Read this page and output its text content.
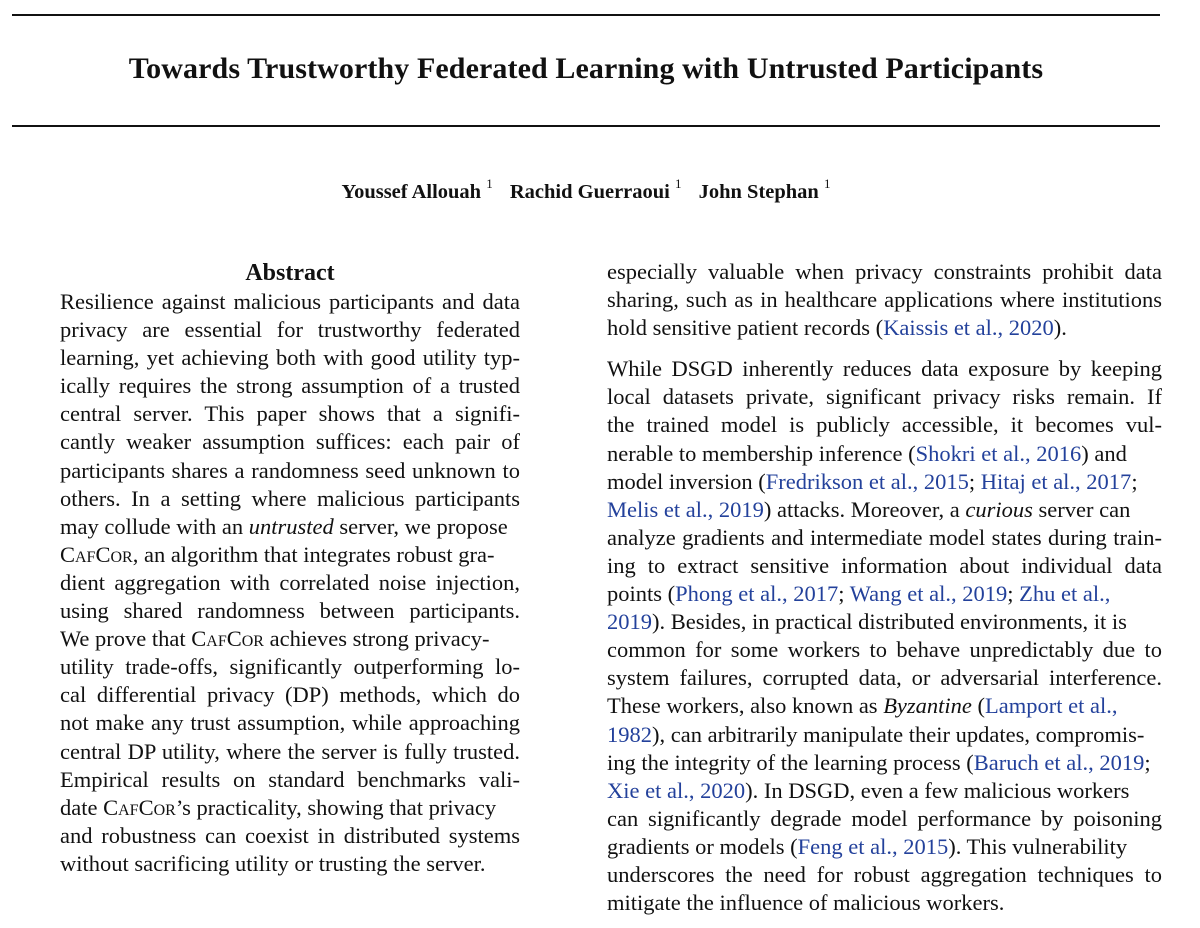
Towards Trustworthy Federated Learning with Untrusted Participants
Youssef Allouah $^1$ Rachid Guerraoui $^1$ John Stephan $^1$
Abstract

Resilience against malicious participants and data
privacy are essential for trustworthy federated
learning, yet achieving both with good utility typ-
ically requires the strong assumption of a trusted
central server. This paper shows that a signifi-
cantly weaker assumption suffices: each pair of
participants shares a randomness seed unknown to
others. In a setting where malicious participants
may collude with an untrusted server, we propose
CafCor, an algorithm that integrates robust gra-
dient aggregation with correlated noise injection,
using shared randomness between participants.
We prove that CafCor achieves strong privacy-
utility trade-offs, significantly outperforming lo-
cal differential privacy (DP) methods, which do
not make any trust assumption, while approaching
central DP utility, where the server is fully trusted.
Empirical results on standard benchmarks vali-
date CafCor’s practicality, showing that privacy
and robustness can coexist in distributed systems
without sacrificing utility or trusting the server.

especially valuable when privacy constraints prohibit data
sharing, such as in healthcare applications where institutions
hold sensitive patient records (Kaissis et al., 2020).

While DSGD inherently reduces data exposure by keeping
local datasets private, significant privacy risks remain. If
the trained model is publicly accessible, it becomes vul-
nerable to membership inference (Shokri et al., 2016) and
model inversion (Fredrikson et al., 2015; Hitaj et al., 2017;
Melis et al., 2019) attacks. Moreover, a curious server can
analyze gradients and intermediate model states during train-
ing to extract sensitive information about individual data
points (Phong et al., 2017; Wang et al., 2019; Zhu et al.,
2019). Besides, in practical distributed environments, it is
common for some workers to behave unpredictably due to
system failures, corrupted data, or adversarial interference.
These workers, also known as Byzantine (Lamport et al.,
1982), can arbitrarily manipulate their updates, compromis-
ing the integrity of the learning process (Baruch et al., 2019;
Xie et al., 2020). In DSGD, even a few malicious workers
can significantly degrade model performance by poisoning
gradients or models (Feng et al., 2015). This vulnerability
underscores the need for robust aggregation techniques to
mitigate the influence of malicious workers.
